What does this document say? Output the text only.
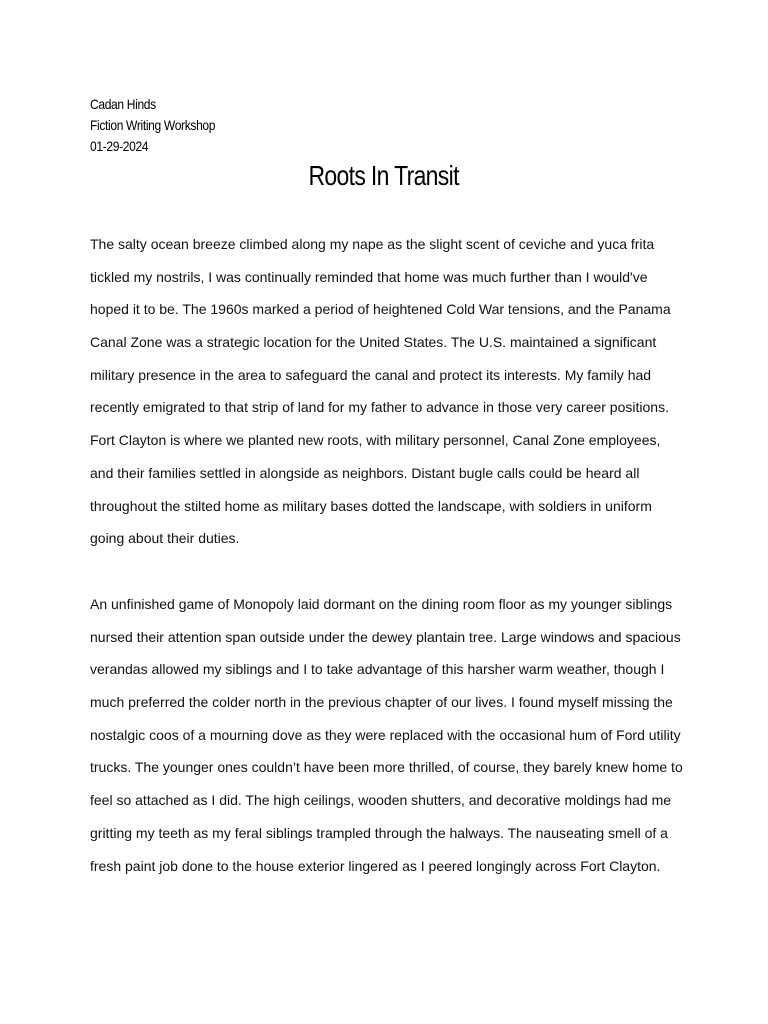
Cadan Hinds
Fiction Writing Workshop
01-29-2024
Roots In Transit
The salty ocean breeze climbed along my nape as the slight scent of ceviche and yuca frita
tickled my nostrils, I was continually reminded that home was much further than I would've
hoped it to be. The 1960s marked a period of heightened Cold War tensions, and the Panama
Canal Zone was a strategic location for the United States. The U.S. maintained a significant
military presence in the area to safeguard the canal and protect its interests. My family had
recently emigrated to that strip of land for my father to advance in those very career positions.
Fort Clayton is where we planted new roots, with military personnel, Canal Zone employees,
and their families settled in alongside as neighbors. Distant bugle calls could be heard all
throughout the stilted home as military bases dotted the landscape, with soldiers in uniform
going about their duties.
An unfinished game of Monopoly laid dormant on the dining room floor as my younger siblings
nursed their attention span outside under the dewey plantain tree. Large windows and spacious
verandas allowed my siblings and I to take advantage of this harsher warm weather, though I
much preferred the colder north in the previous chapter of our lives. I found myself missing the
nostalgic coos of a mourning dove as they were replaced with the occasional hum of Ford utility
trucks. The younger ones couldn’t have been more thrilled, of course, they barely knew home to
feel so attached as I did. The high ceilings, wooden shutters, and decorative moldings had me
gritting my teeth as my feral siblings trampled through the halways. The nauseating smell of a
fresh paint job done to the house exterior lingered as I peered longingly across Fort Clayton.
